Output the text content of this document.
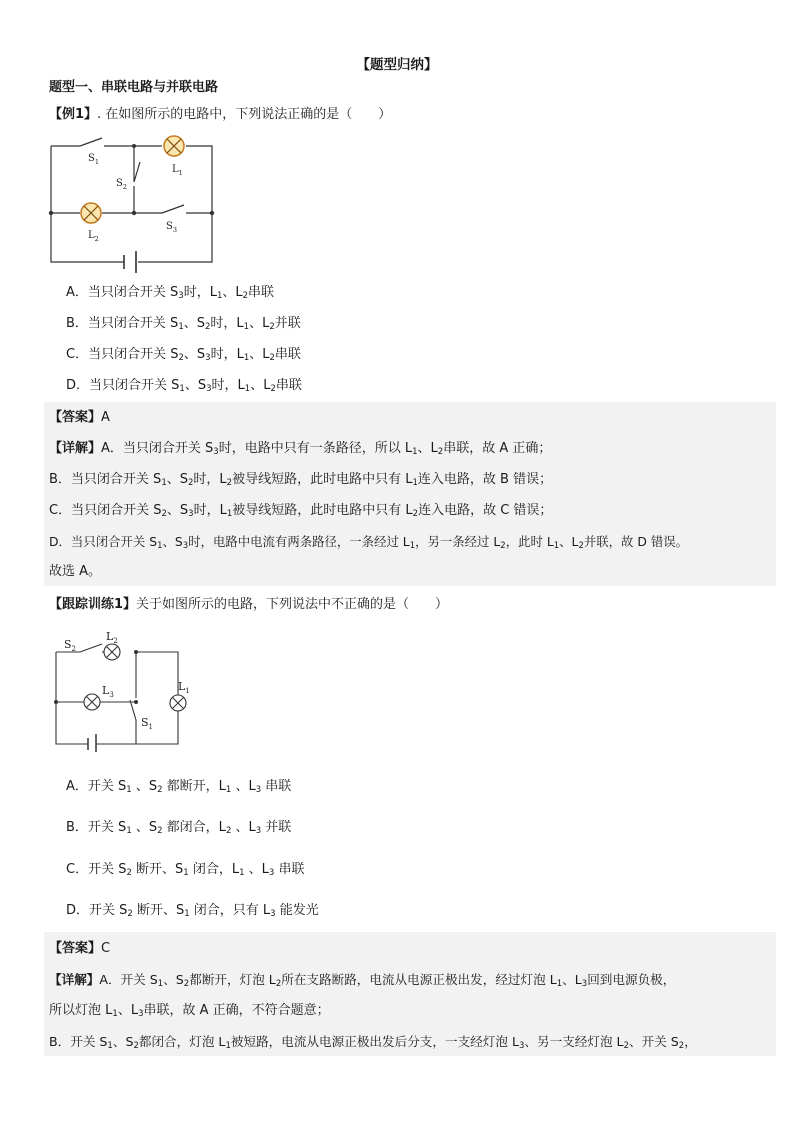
【题型归纳】
题型一、串联电路与并联电路
【例1】. 在如图所示的电路中，下列说法正确的是（　　）
$S_1$
$S_2$
$S_3$
$L_1$
$L_2$
A．当只闭合开关 $S_3$时，$L_1$、$L_2$串联
B．当只闭合开关 $S_1$、$S_2$时，$L_1$、$L_2$并联
C．当只闭合开关 $S_2$、$S_3$时，$L_1$、$L_2$串联
D．当只闭合开关 $S_1$、$S_3$时，$L_1$、$L_2$串联
【答案】A
【详解】A．当只闭合开关 $S_3$时，电路中只有一条路径，所以 $L_1$、$L_2$串联，故 A 正确；
B．当只闭合开关 $S_1$、$S_2$时，$L_2$被导线短路，此时电路中只有 $L_1$连入电路，故 B 错误；
C．当只闭合开关 $S_2$、$S_3$时，$L_1$被导线短路，此时电路中只有 $L_2$连入电路，故 C 错误；
D．当只闭合开关 $S_1$、$S_3$时，电路中电流有两条路径，一条经过 $L_1$，另一条经过 $L_2$，此时 $L_1$、$L_2$并联，故 D 错误。
故选 A。
【跟踪训练1】关于如图所示的电路，下列说法中不正确的是（　　）
$S_2$
$L_2$
$L_3$
$L_1$
$S_1$
A．开关 $S_1$ 、$S_2$ 都断开，$L_1$ 、$L_3$ 串联
B．开关 $S_1$ 、$S_2$ 都闭合，$L_2$ 、$L_3$ 并联
C．开关 $S_2$ 断开、$S_1$ 闭合，$L_1$ 、$L_3$ 串联
D．开关 $S_2$ 断开、$S_1$ 闭合，只有 $L_3$ 能发光
【答案】C
【详解】A．开关 $S_1$、$S_2$都断开，灯泡 $L_2$所在支路断路，电流从电源正极出发，经过灯泡 $L_1$、$L_3$回到电源负极，
所以灯泡 $L_1$、$L_3$串联，故 A 正确，不符合题意；
B．开关 $S_1$、$S_2$都闭合，灯泡 $L_1$被短路，电流从电源正极出发后分支，一支经灯泡 $L_3$、另一支经灯泡 $L_2$、开关 $S_2$，
